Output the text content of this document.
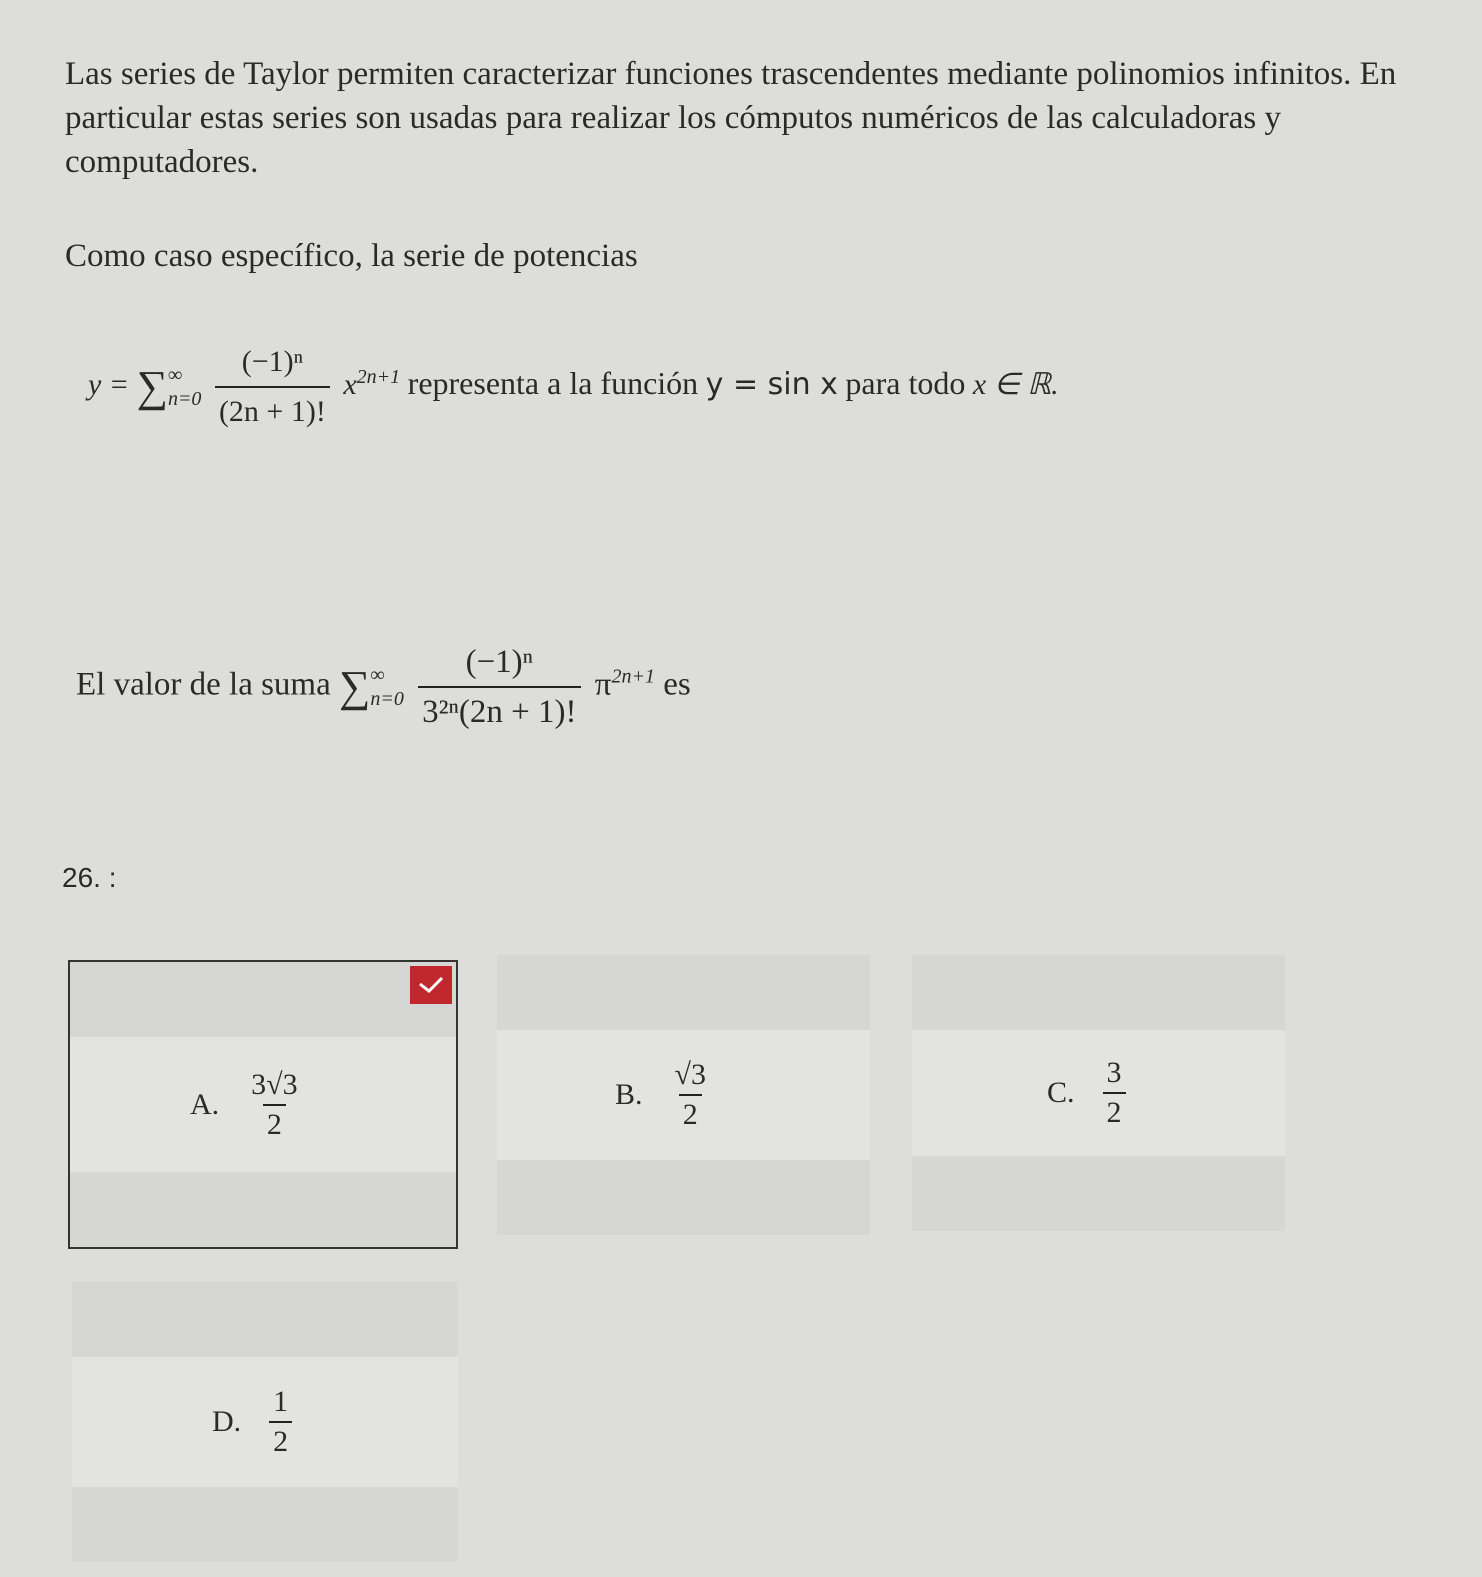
Las series de Taylor permiten caracterizar funciones trascendentes mediante polinomios infinitos. En particular estas series son usadas para realizar los cómputos numéricos de las calculadoras y computadores.
Como caso específico, la serie de potencias
y = ∑ ∞
n=0
$\frac{\text{(−1)ⁿ}}{(2n + 1)!} x^{2n+1}$ representa a la función y = sin x para todo x ∈ ℝ.
El valor de la suma ∑ ∞
n=0
$\frac{\text{(−1)ⁿ}}{\text{3²ⁿ(2n + 1)!}} \pi^{2n+1}$ es
26. :
A. $\frac{3√3}{2}$	B. $\frac{√3}{2}$	C. $\frac{3}{2}$
D. $\frac{1}{2}$
